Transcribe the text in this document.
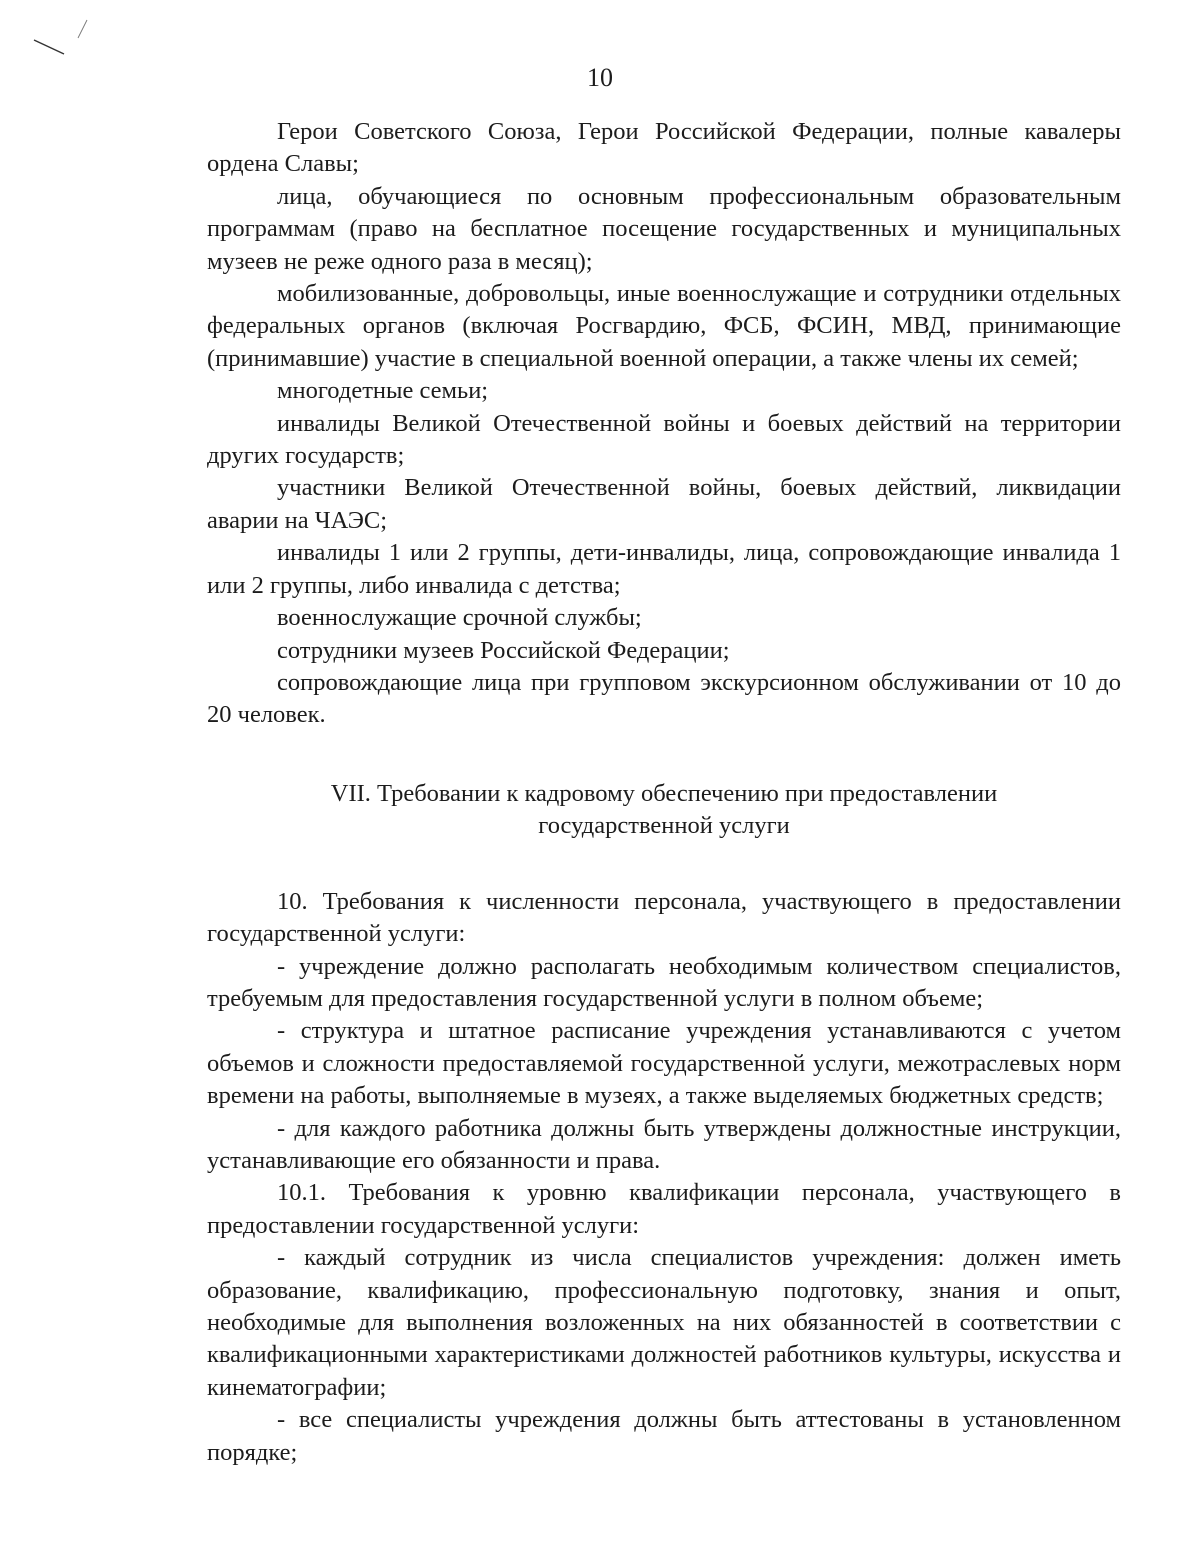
10

Герои Советского Союза, Герои Российской Федерации, полные кавалеры ордена Славы;

лица, обучающиеся по основным профессиональным образовательным программам (право на бесплатное посещение государственных и муниципальных музеев не реже одного раза в месяц);

мобилизованные, добровольцы, иные военнослужащие и сотрудники отдельных федеральных органов (включая Росгвардию, ФСБ, ФСИН, МВД, принимающие (принимавшие) участие в специальной военной операции, а также члены их семей;

многодетные семьи;

инвалиды Великой Отечественной войны и боевых действий на территории других государств;

участники Великой Отечественной войны, боевых действий, ликвидации аварии на ЧАЭС;

инвалиды 1 или 2 группы, дети-инвалиды, лица, сопровождающие инвалида 1 или 2 группы, либо инвалида с детства;

военнослужащие срочной службы;

сотрудники музеев Российской Федерации;

сопровождающие лица при групповом экскурсионном обслуживании от 10 до 20 человек.

VII. Требовании к кадровому обеспечению при предоставлении
государственной услуги

10. Требования к численности персонала, участвующего в предоставлении государственной услуги:

- учреждение должно располагать необходимым количеством специалистов, требуемым для предоставления государственной услуги в полном объеме;

- структура и штатное расписание учреждения устанавливаются с учетом объемов и сложности предоставляемой государственной услуги, межотраслевых норм времени на работы, выполняемые в музеях, а также выделяемых бюджетных средств;

- для каждого работника должны быть утверждены должностные инструкции, устанавливающие его обязанности и права.

10.1. Требования к уровню квалификации персонала, участвующего в предоставлении государственной услуги:

- каждый сотрудник из числа специалистов учреждения: должен иметь образование, квалификацию, профессиональную подготовку, знания и опыт, необходимые для выполнения возложенных на них обязанностей в соответствии с квалификационными характеристиками должностей работников культуры, искусства и кинематографии;

- все специалисты учреждения должны быть аттестованы в установленном порядке;
